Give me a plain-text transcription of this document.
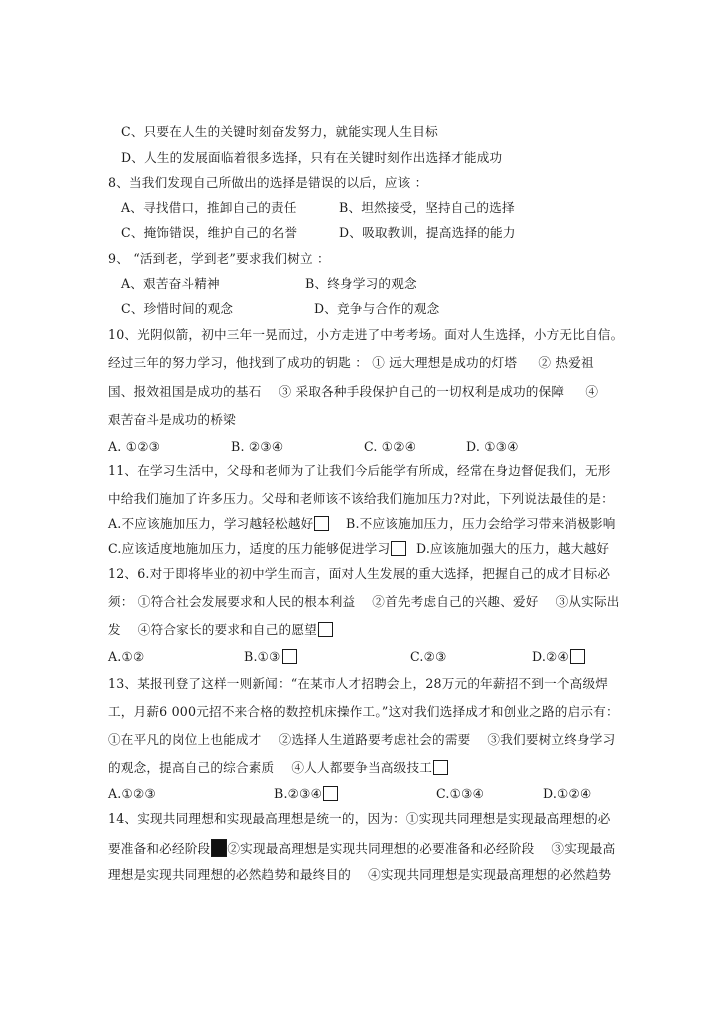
C、只要在人生的关键时刻奋发努力，就能实现人生目标
D、人生的发展面临着很多选择，只有在关键时刻作出选择才能成功
8、当我们发现自己所做出的选择是错误的以后，应该 ：
A、寻找借口，推卸自己的责任	B、坦然接受，坚持自己的选择
C、掩饰错误，维护自己的名誉	D、吸取教训，提高选择的能力
9、 “活到老，学到老”要求我们树立 ：
A、艰苦奋斗精神	B、终身学习的观念
C、珍惜时间的观念	D、竞争与合作的观念
10、光阴似箭，初中三年一晃而过，小方走进了中考考场。面对人生选择，小方无比自信。
经过三年的努力学习，他找到了成功的钥匙 ： ① 远大理想是成功的灯塔 　 ② 热爱祖
国、报效祖国是成功的基石 　③ 采取各种手段保护自己的一切权利是成功的保障 　 ④
艰苦奋斗是成功的桥梁
A. ①②③	B. ②③④	C. ①②④	D. ①③④
11、在学习生活中，父母和老师为了让我们今后能学有所成，经常在身边督促我们，无形
中给我们施加了许多压力。父母和老师该不该给我们施加压力?对此，下列说法最佳的是：
A.不应该施加压力，学习越轻松越好	B.不应该施加压力，压力会给学习带来消极影响
C.应该适度地施加压力，适度的压力能够促进学习	D.应该施加强大的压力，越大越好
12、6.对于即将毕业的初中学生而言，面对人生发展的重大选择，把握自己的成才目标必
须： ①符合社会发展要求和人民的根本利益 　②首先考虑自己的兴趣、爱好 　③从实际出
发 　④符合家长的要求和自己的愿望
A.①②	B.①③	C.②③	D.②④
13、某报刊登了这样一则新闻：“在某市人才招聘会上，28万元的年薪招不到一个高级焊
工，月薪6 000元招不来合格的数控机床操作工。”这对我们选择成才和创业之路的启示有：
①在平凡的岗位上也能成才 　②选择人生道路要考虑社会的需要 　③我们要树立终身学习
的观念，提高自己的综合素质 　④人人都要争当高级技工
A.①②③	B.②③④	C.①③④	D.①②④
14、实现共同理想和实现最高理想是统一的，因为：①实现共同理想是实现最高理想的必
要准备和必经阶段 ②实现最高理想是实现共同理想的必要准备和必经阶段 　③实现最高
理想是实现共同理想的必然趋势和最终目的 　④实现共同理想是实现最高理想的必然趋势
